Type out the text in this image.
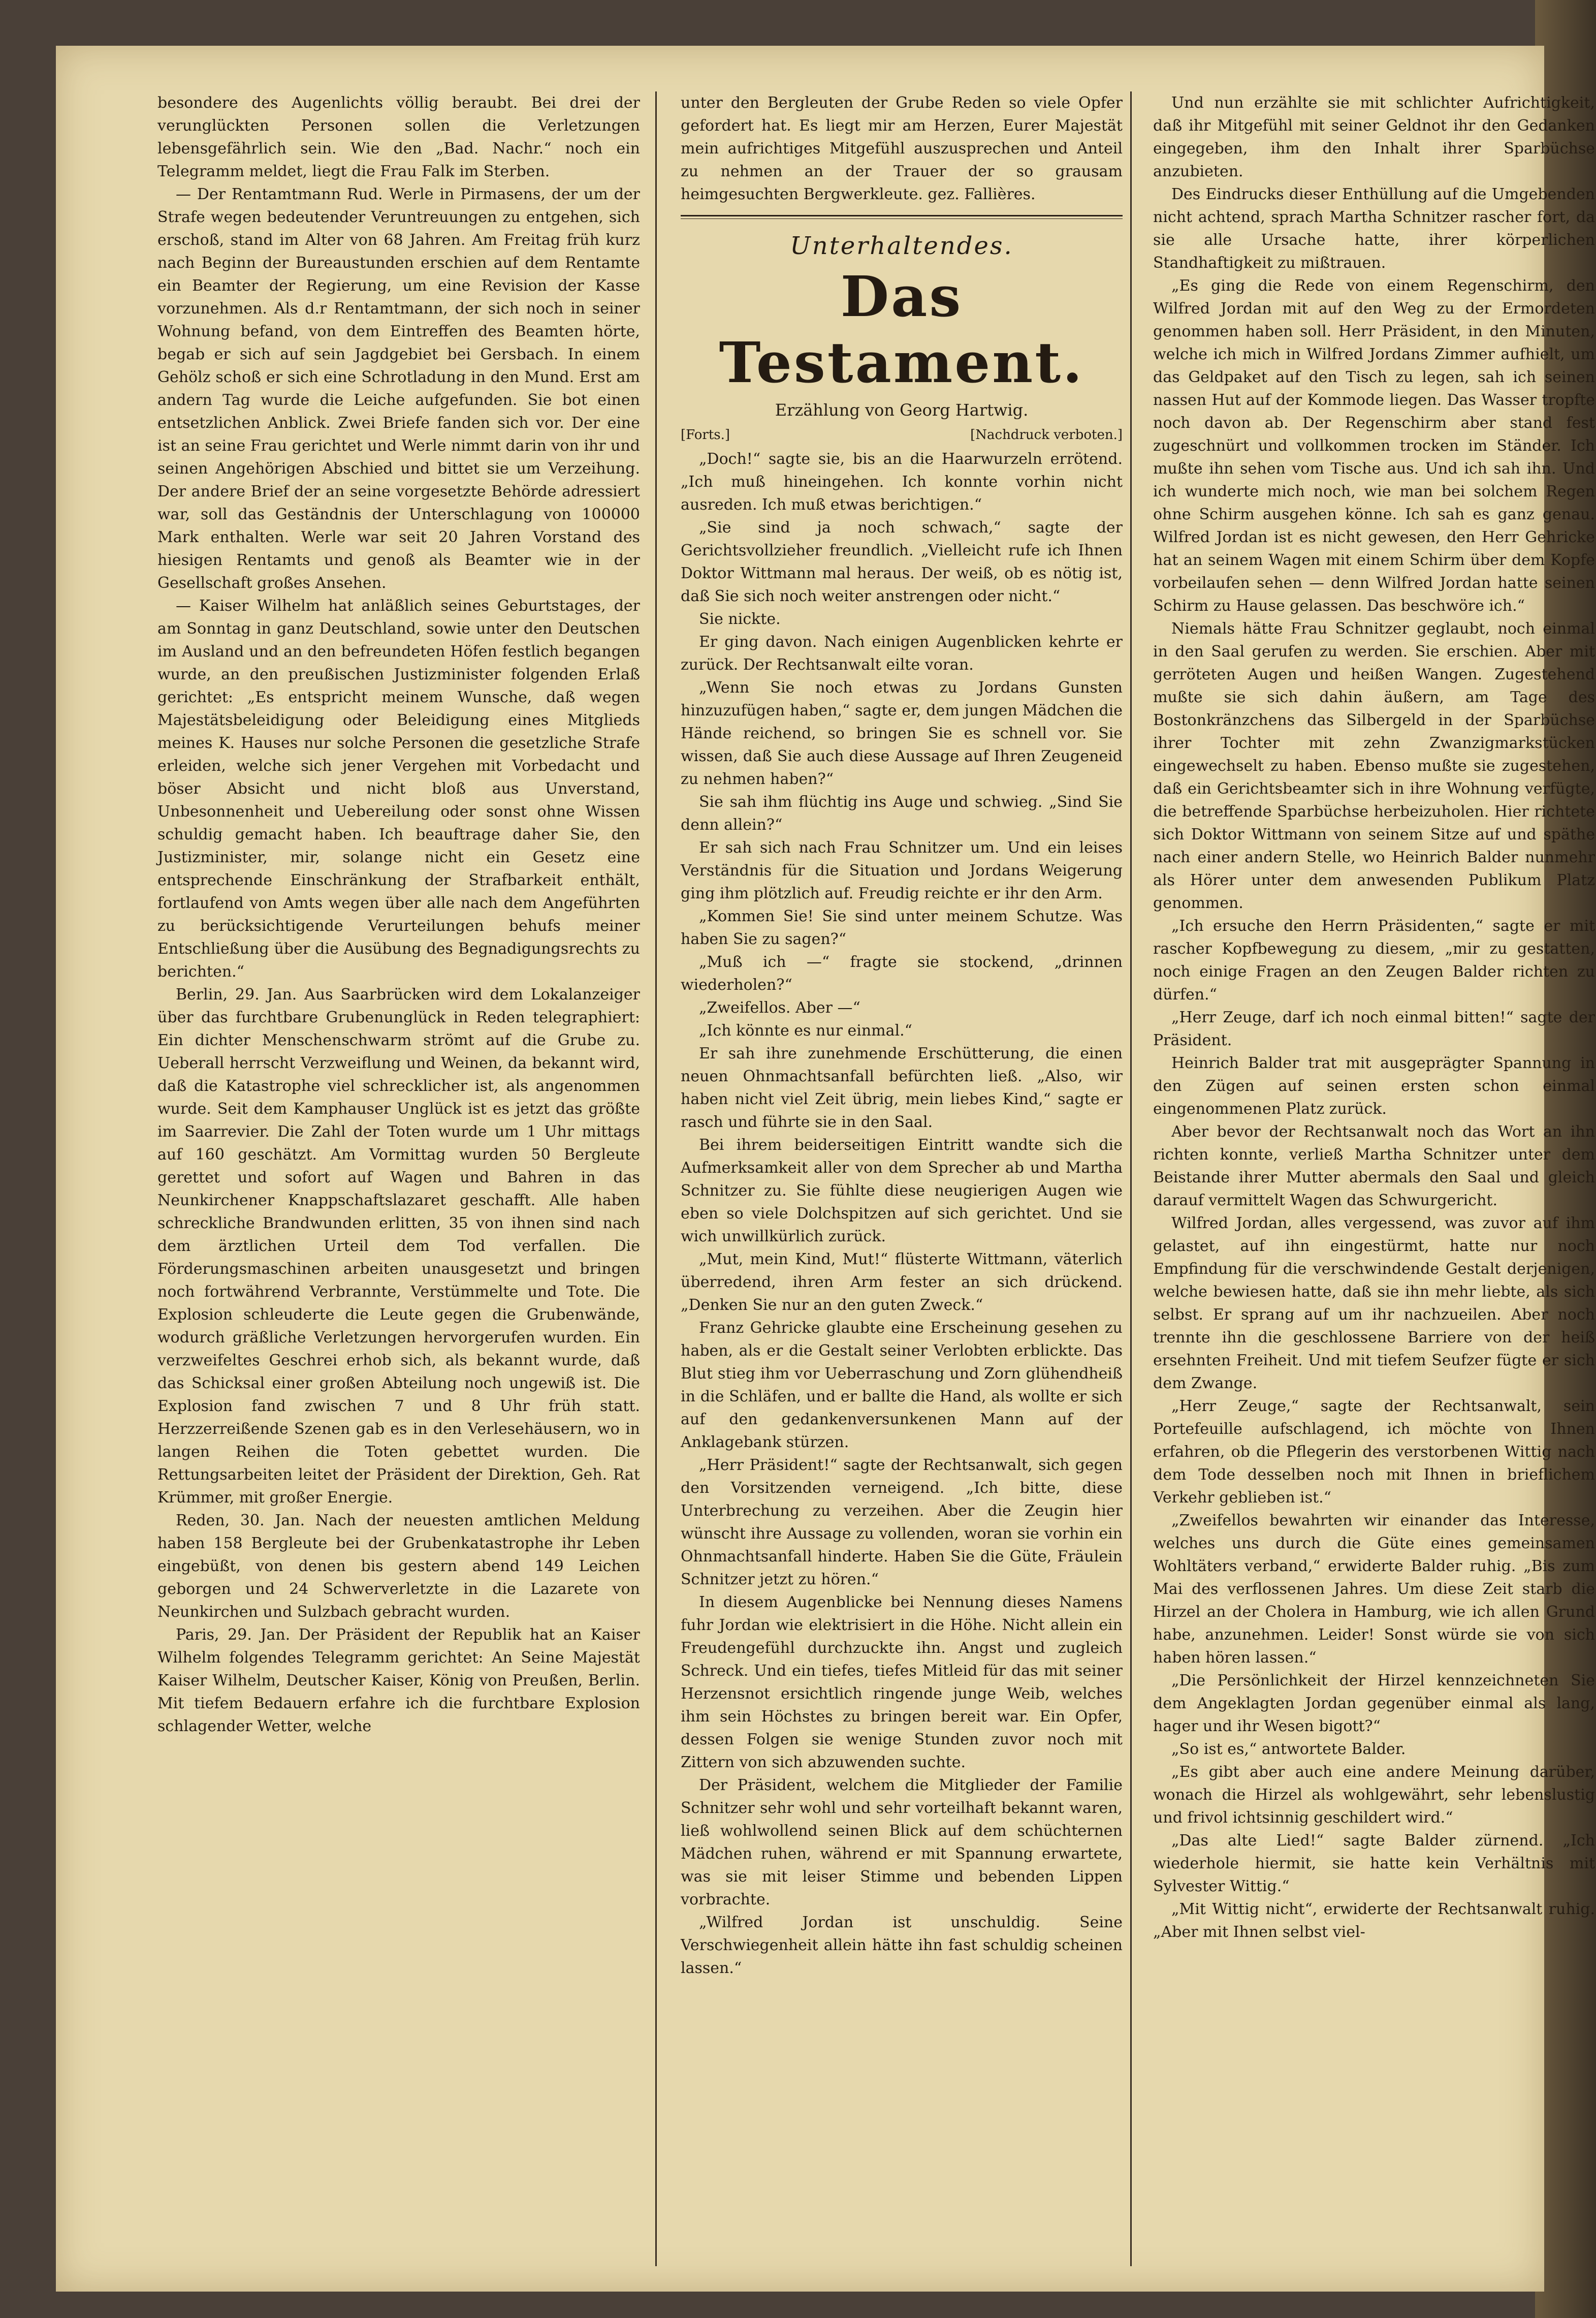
besondere des Augenlichts völlig beraubt. Bei drei der verunglückten Personen sollen die Verletzungen lebensgefährlich sein. Wie den „Bad. Nachr.“ noch ein Telegramm meldet, liegt die Frau Falk im Sterben.

— Der Rentamtmann Rud. Werle in Pirmasens, der um der Strafe wegen bedeutender Veruntreuungen zu entgehen, sich erschoß, stand im Alter von 68 Jahren. Am Freitag früh kurz nach Beginn der Bureaustunden erschien auf dem Rentamte ein Beamter der Regierung, um eine Revision der Kasse vorzunehmen. Als d.r Rentamtmann, der sich noch in seiner Wohnung befand, von dem Eintreffen des Beamten hörte, begab er sich auf sein Jagdgebiet bei Gersbach. In einem Gehölz schoß er sich eine Schrotladung in den Mund. Erst am andern Tag wurde die Leiche aufgefunden. Sie bot einen entsetzlichen Anblick. Zwei Briefe fanden sich vor. Der eine ist an seine Frau gerichtet und Werle nimmt darin von ihr und seinen Angehörigen Abschied und bittet sie um Verzeihung. Der andere Brief der an seine vorgesetzte Behörde adressiert war, soll das Geständnis der Unterschlagung von 100000 Mark enthalten. Werle war seit 20 Jahren Vorstand des hiesigen Rentamts und genoß als Beamter wie in der Gesellschaft großes Ansehen.

— Kaiser Wilhelm hat anläßlich seines Geburtstages, der am Sonntag in ganz Deutschland, sowie unter den Deutschen im Ausland und an den befreundeten Höfen festlich begangen wurde, an den preußischen Justizminister folgenden Erlaß gerichtet: „Es entspricht meinem Wunsche, daß wegen Majestätsbeleidigung oder Beleidigung eines Mitglieds meines K. Hauses nur solche Personen die gesetzliche Strafe erleiden, welche sich jener Vergehen mit Vorbedacht und böser Absicht und nicht bloß aus Unverstand, Unbesonnenheit und Uebereilung oder sonst ohne Wissen schuldig gemacht haben. Ich beauftrage daher Sie, den Justizminister, mir, solange nicht ein Gesetz eine entsprechende Einschränkung der Strafbarkeit enthält, fortlaufend von Amts wegen über alle nach dem Angeführten zu berücksichtigende Verurteilungen behufs meiner Entschließung über die Ausübung des Begnadigungsrechts zu berichten.“

Berlin, 29. Jan. Aus Saarbrücken wird dem Lokalanzeiger über das furchtbare Grubenunglück in Reden telegraphiert: Ein dichter Menschenschwarm strömt auf die Grube zu. Ueberall herrscht Verzweiflung und Weinen, da bekannt wird, daß die Katastrophe viel schrecklicher ist, als angenommen wurde. Seit dem Kamphauser Unglück ist es jetzt das größte im Saarrevier. Die Zahl der Toten wurde um 1 Uhr mittags auf 160 geschätzt. Am Vormittag wurden 50 Bergleute gerettet und sofort auf Wagen und Bahren in das Neunkirchener Knappschaftslazaret geschafft. Alle haben schreckliche Brandwunden erlitten, 35 von ihnen sind nach dem ärztlichen Urteil dem Tod verfallen. Die Förderungsmaschinen arbeiten unausgesetzt und bringen noch fortwährend Verbrannte, Verstümmelte und Tote. Die Explosion schleuderte die Leute gegen die Grubenwände, wodurch gräßliche Verletzungen hervorgerufen wurden. Ein verzweifeltes Geschrei erhob sich, als bekannt wurde, daß das Schicksal einer großen Abteilung noch ungewiß ist. Die Explosion fand zwischen 7 und 8 Uhr früh statt. Herzzerreißende Szenen gab es in den Verlesehäusern, wo in langen Reihen die Toten gebettet wurden. Die Rettungsarbeiten leitet der Präsident der Direktion, Geh. Rat Krümmer, mit großer Energie.

Reden, 30. Jan. Nach der neuesten amtlichen Meldung haben 158 Bergleute bei der Grubenkatastrophe ihr Leben eingebüßt, von denen bis gestern abend 149 Leichen geborgen und 24 Schwerverletzte in die Lazarete von Neunkirchen und Sulzbach gebracht wurden.

Paris, 29. Jan. Der Präsident der Republik hat an Kaiser Wilhelm folgendes Telegramm gerichtet: An Seine Majestät Kaiser Wilhelm, Deutscher Kaiser, König von Preußen, Berlin. Mit tiefem Bedauern erfahre ich die furchtbare Explosion schlagender Wetter, welche

unter den Bergleuten der Grube Reden so viele Opfer gefordert hat. Es liegt mir am Herzen, Eurer Majestät mein aufrichtiges Mitgefühl auszusprechen und Anteil zu nehmen an der Trauer der so grausam heimgesuchten Bergwerkleute. gez. Fallières.

Unterhaltendes.
Das Testament.
Erzählung von Georg Hartwig.
[Forts.]	[Nachdruck verboten.]

„Doch!“ sagte sie, bis an die Haarwurzeln errötend. „Ich muß hineingehen. Ich konnte vorhin nicht ausreden. Ich muß etwas berichtigen.“

„Sie sind ja noch schwach,“ sagte der Gerichtsvollzieher freundlich. „Vielleicht rufe ich Ihnen Doktor Wittmann mal heraus. Der weiß, ob es nötig ist, daß Sie sich noch weiter anstrengen oder nicht.“

Sie nickte.

Er ging davon. Nach einigen Augenblicken kehrte er zurück. Der Rechtsanwalt eilte voran.

„Wenn Sie noch etwas zu Jordans Gunsten hinzuzufügen haben,“ sagte er, dem jungen Mädchen die Hände reichend, so bringen Sie es schnell vor. Sie wissen, daß Sie auch diese Aussage auf Ihren Zeugeneid zu nehmen haben?“

Sie sah ihm flüchtig ins Auge und schwieg. „Sind Sie denn allein?“

Er sah sich nach Frau Schnitzer um. Und ein leises Verständnis für die Situation und Jordans Weigerung ging ihm plötzlich auf. Freudig reichte er ihr den Arm.

„Kommen Sie! Sie sind unter meinem Schutze. Was haben Sie zu sagen?“

„Muß ich —“ fragte sie stockend, „drinnen wiederholen?“

„Zweifellos. Aber —“

„Ich könnte es nur einmal.“

Er sah ihre zunehmende Erschütterung, die einen neuen Ohnmachtsanfall befürchten ließ. „Also, wir haben nicht viel Zeit übrig, mein liebes Kind,“ sagte er rasch und führte sie in den Saal.

Bei ihrem beiderseitigen Eintritt wandte sich die Aufmerksamkeit aller von dem Sprecher ab und Martha Schnitzer zu. Sie fühlte diese neugierigen Augen wie eben so viele Dolchspitzen auf sich gerichtet. Und sie wich unwillkürlich zurück.

„Mut, mein Kind, Mut!“ flüsterte Wittmann, väterlich überredend, ihren Arm fester an sich drückend. „Denken Sie nur an den guten Zweck.“

Franz Gehricke glaubte eine Erscheinung gesehen zu haben, als er die Gestalt seiner Verlobten erblickte. Das Blut stieg ihm vor Ueberraschung und Zorn glühendheiß in die Schläfen, und er ballte die Hand, als wollte er sich auf den gedankenversunkenen Mann auf der Anklagebank stürzen.

„Herr Präsident!“ sagte der Rechtsanwalt, sich gegen den Vorsitzenden verneigend. „Ich bitte, diese Unterbrechung zu verzeihen. Aber die Zeugin hier wünscht ihre Aussage zu vollenden, woran sie vorhin ein Ohnmachtsanfall hinderte. Haben Sie die Güte, Fräulein Schnitzer jetzt zu hören.“

In diesem Augenblicke bei Nennung dieses Namens fuhr Jordan wie elektrisiert in die Höhe. Nicht allein ein Freudengefühl durchzuckte ihn. Angst und zugleich Schreck. Und ein tiefes, tiefes Mitleid für das mit seiner Herzensnot ersichtlich ringende junge Weib, welches ihm sein Höchstes zu bringen bereit war. Ein Opfer, dessen Folgen sie wenige Stunden zuvor noch mit Zittern von sich abzuwenden suchte.

Der Präsident, welchem die Mitglieder der Familie Schnitzer sehr wohl und sehr vorteilhaft bekannt waren, ließ wohlwollend seinen Blick auf dem schüchternen Mädchen ruhen, während er mit Spannung erwartete, was sie mit leiser Stimme und bebenden Lippen vorbrachte.

„Wilfred Jordan ist unschuldig. Seine Verschwiegenheit allein hätte ihn fast schuldig scheinen lassen.“

Und nun erzählte sie mit schlichter Aufrichtigkeit, daß ihr Mitgefühl mit seiner Geldnot ihr den Gedanken eingegeben, ihm den Inhalt ihrer Sparbüchse anzubieten.

Des Eindrucks dieser Enthüllung auf die Umgebenden nicht achtend, sprach Martha Schnitzer rascher fort, da sie alle Ursache hatte, ihrer körperlichen Standhaftigkeit zu mißtrauen.

„Es ging die Rede von einem Regenschirm, den Wilfred Jordan mit auf den Weg zu der Ermordeten genommen haben soll. Herr Präsident, in den Minuten, welche ich mich in Wilfred Jordans Zimmer aufhielt, um das Geldpaket auf den Tisch zu legen, sah ich seinen nassen Hut auf der Kommode liegen. Das Wasser tropfte noch davon ab. Der Regenschirm aber stand fest zugeschnürt und vollkommen trocken im Ständer. Ich mußte ihn sehen vom Tische aus. Und ich sah ihn. Und ich wunderte mich noch, wie man bei solchem Regen ohne Schirm ausgehen könne. Ich sah es ganz genau. Wilfred Jordan ist es nicht gewesen, den Herr Gehricke hat an seinem Wagen mit einem Schirm über dem Kopfe vorbeilaufen sehen — denn Wilfred Jordan hatte seinen Schirm zu Hause gelassen. Das beschwöre ich.“

Niemals hätte Frau Schnitzer geglaubt, noch einmal in den Saal gerufen zu werden. Sie erschien. Aber mit gerröteten Augen und heißen Wangen. Zugestehend mußte sie sich dahin äußern, am Tage des Bostonkränzchens das Silbergeld in der Sparbüchse ihrer Tochter mit zehn Zwanzigmarkstücken eingewechselt zu haben. Ebenso mußte sie zugestehen, daß ein Gerichtsbeamter sich in ihre Wohnung verfügte, die betreffende Sparbüchse herbeizuholen. Hier richtete sich Doktor Wittmann von seinem Sitze auf und späthe nach einer andern Stelle, wo Heinrich Balder nunmehr als Hörer unter dem anwesenden Publikum Platz genommen.

„Ich ersuche den Herrn Präsidenten,“ sagte er mit rascher Kopfbewegung zu diesem, „mir zu gestatten, noch einige Fragen an den Zeugen Balder richten zu dürfen.“

„Herr Zeuge, darf ich noch einmal bitten!“ sagte der Präsident.

Heinrich Balder trat mit ausgeprägter Spannung in den Zügen auf seinen ersten schon einmal eingenommenen Platz zurück.

Aber bevor der Rechtsanwalt noch das Wort an ihn richten konnte, verließ Martha Schnitzer unter dem Beistande ihrer Mutter abermals den Saal und gleich darauf vermittelt Wagen das Schwurgericht.

Wilfred Jordan, alles vergessend, was zuvor auf ihm gelastet, auf ihn eingestürmt, hatte nur noch Empfindung für die verschwindende Gestalt derjenigen, welche bewiesen hatte, daß sie ihn mehr liebte, als sich selbst. Er sprang auf um ihr nachzueilen. Aber noch trennte ihn die geschlossene Barriere von der heiß ersehnten Freiheit. Und mit tiefem Seufzer fügte er sich dem Zwange.

„Herr Zeuge,“ sagte der Rechtsanwalt, sein Portefeuille aufschlagend, ich möchte von Ihnen erfahren, ob die Pflegerin des verstorbenen Wittig nach dem Tode desselben noch mit Ihnen in brieflichem Verkehr geblieben ist.“

„Zweifellos bewahrten wir einander das Interesse, welches uns durch die Güte eines gemeinsamen Wohltäters verband,“ erwiderte Balder ruhig. „Bis zum Mai des verflossenen Jahres. Um diese Zeit starb die Hirzel an der Cholera in Hamburg, wie ich allen Grund habe, anzunehmen. Leider! Sonst würde sie von sich haben hören lassen.“

„Die Persönlichkeit der Hirzel kennzeichneten Sie dem Angeklagten Jordan gegenüber einmal als lang, hager und ihr Wesen bigott?“

„So ist es,“ antwortete Balder.

„Es gibt aber auch eine andere Meinung darüber, wonach die Hirzel als wohlgewährt, sehr lebenslustig und frivol ichtsinnig geschildert wird.“

„Das alte Lied!“ sagte Balder zürnend. „Ich wiederhole hiermit, sie hatte kein Verhältnis mit Sylvester Wittig.“

„Mit Wittig nicht“, erwiderte der Rechtsanwalt ruhig. „Aber mit Ihnen selbst viel-
